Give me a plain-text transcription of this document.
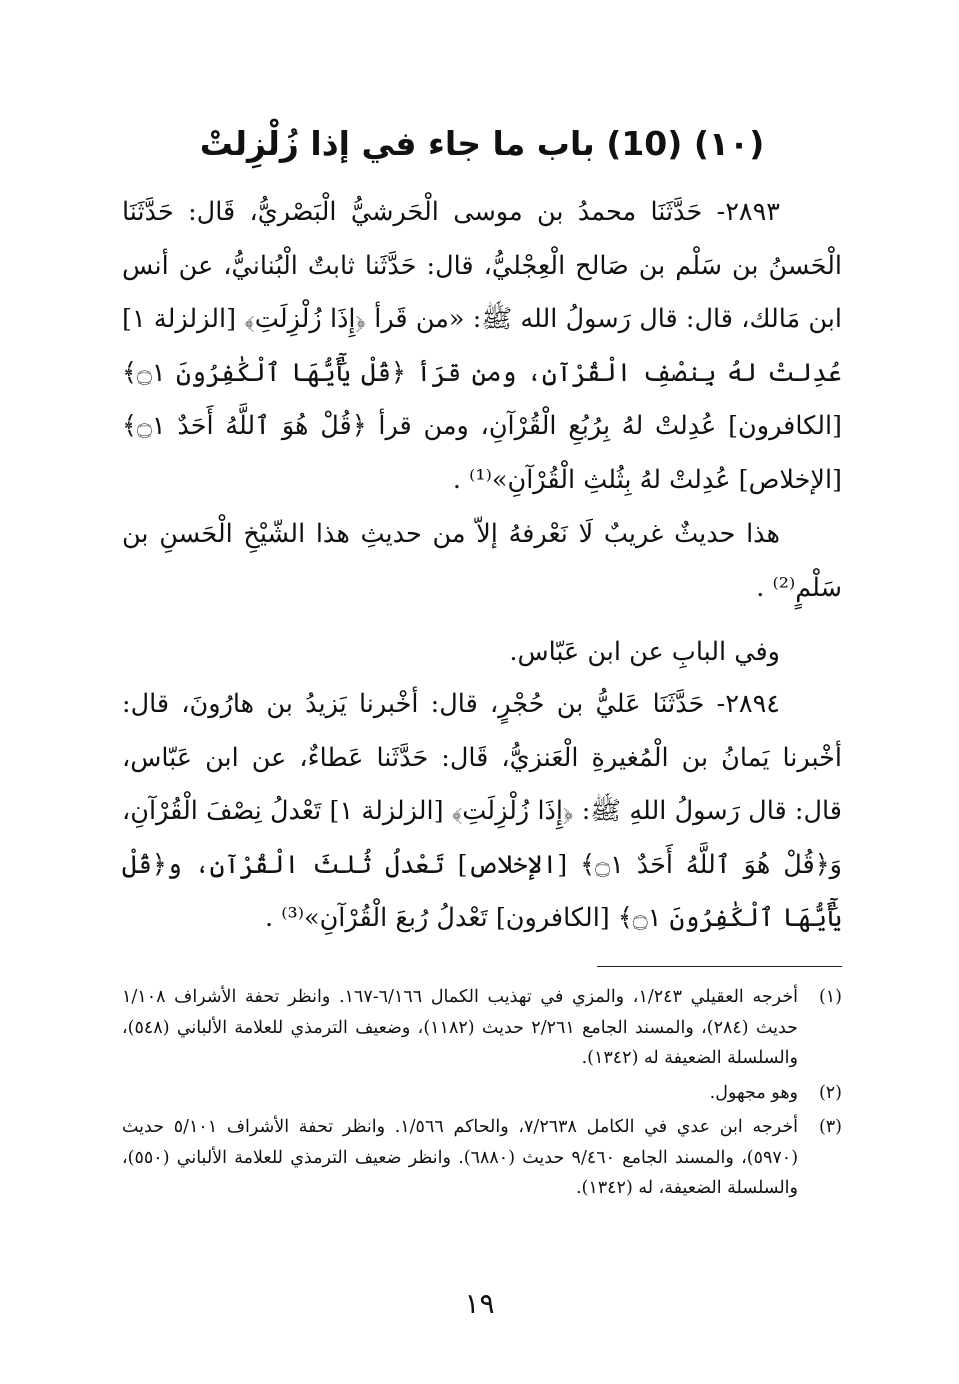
(١٠) (10) باب ما جاء في إذا زُلْزِلتْ
٢٨٩٣- حَدَّثَنَا محمدُ بن موسى الْحَرشيُّ الْبَصْريُّ، قَال: حَدَّثَنَا الْحَسنُ بن سَلْم بن صَالح الْعِجْليُّ، قال: حَدَّثَنا ثابتٌ الْبُنانيُّ، عن أنس ابن مَالك، قال: قال رَسولُ الله ﷺ: «من قَرأ ﴿إِذَا زُلْزِلَتِ﴾ [الزلزلة ١] عُدِلتْ لهُ بِنصْفِ الْقُرْآنِ، ومن قرَأ ﴿قُلْ يَٰٓأَيُّهَا ٱلْكَٰفِرُونَ ۝١﴾ [الكافرون] عُدِلتْ لهُ بِرُبُعِ الْقُرْآنِ، ومن قرأ ﴿قُلْ هُوَ ٱللَّهُ أَحَدٌ ۝١﴾ [الإخلاص] عُدِلتْ لهُ بِثُلثِ الْقُرْآنِ»⁽¹⁾ .
هذا حديثٌ غريبٌ لَا نَعْرفهُ إلاّ من حديثِ هذا الشّيْخِ الْحَسنِ بن سَلْمٍ⁽²⁾ .
وفي البابِ عن ابن عَبّاس.
٢٨٩٤- حَدَّثَنَا عَليُّ بن حُجْرٍ، قال: أخْبرنا يَزيدُ بن هارُونَ، قال: أخْبرنا يَمانُ بن الْمُغيرةِ الْعَنزيُّ، قَال: حَدَّثَنا عَطاءٌ، عن ابن عَبّاس، قال: قال رَسولُ اللهِ ﷺ: ﴿إِذَا زُلْزِلَتِ﴾ [الزلزلة ١] تَعْدلُ نِصْفَ الْقُرْآنِ، وَ﴿قُلْ هُوَ ٱللَّهُ أَحَدٌ ۝١﴾ [الإخلاص] تَعْدلُ ثُلثَ الْقُرْآنِ، و﴿قُلْ يَٰٓأَيُّهَا ٱلْكَٰفِرُونَ ۝١﴾ [الكافرون] تَعْدلُ رُبعَ الْقُرْآنِ»⁽³⁾ .
(١)
أخرجه العقيلي ١/٢٤٣، والمزي في تهذيب الكمال ٦/١٦٦-١٦٧. وانظر تحفة الأشراف ١/١٠٨ حديث (٢٨٤)، والمسند الجامع ٢/٢٦١ حديث (١١٨٢)، وضعيف الترمذي للعلامة الألباني (٥٤٨)، والسلسلة الضعيفة له (١٣٤٢).
(٢)
وهو مجهول.
(٣)
أخرجه ابن عدي في الكامل ٧/٢٦٣٨، والحاكم ١/٥٦٦. وانظر تحفة الأشراف ٥/١٠١ حديث (٥٩٧٠)، والمسند الجامع ٩/٤٦٠ حديث (٦٨٨٠). وانظر ضعيف الترمذي للعلامة الألباني (٥٥٠)، والسلسلة الضعيفة، له (١٣٤٢).
١٩
